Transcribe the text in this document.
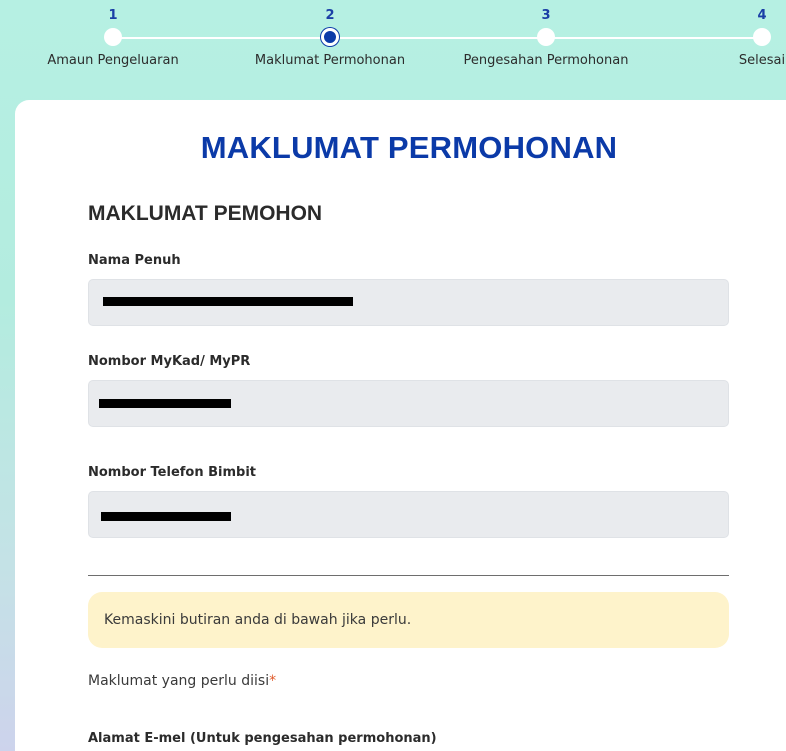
1
Amaun Pengeluaran
2
Maklumat Permohonan
3
Pengesahan Permohonan
4
Selesai
MAKLUMAT PERMOHONAN
MAKLUMAT PEMOHON
Nama Penuh
Nombor MyKad/ MyPR
Nombor Telefon Bimbit
Kemaskini butiran anda di bawah jika perlu.
Maklumat yang perlu diisi*
Alamat E-mel (Untuk pengesahan permohonan)
